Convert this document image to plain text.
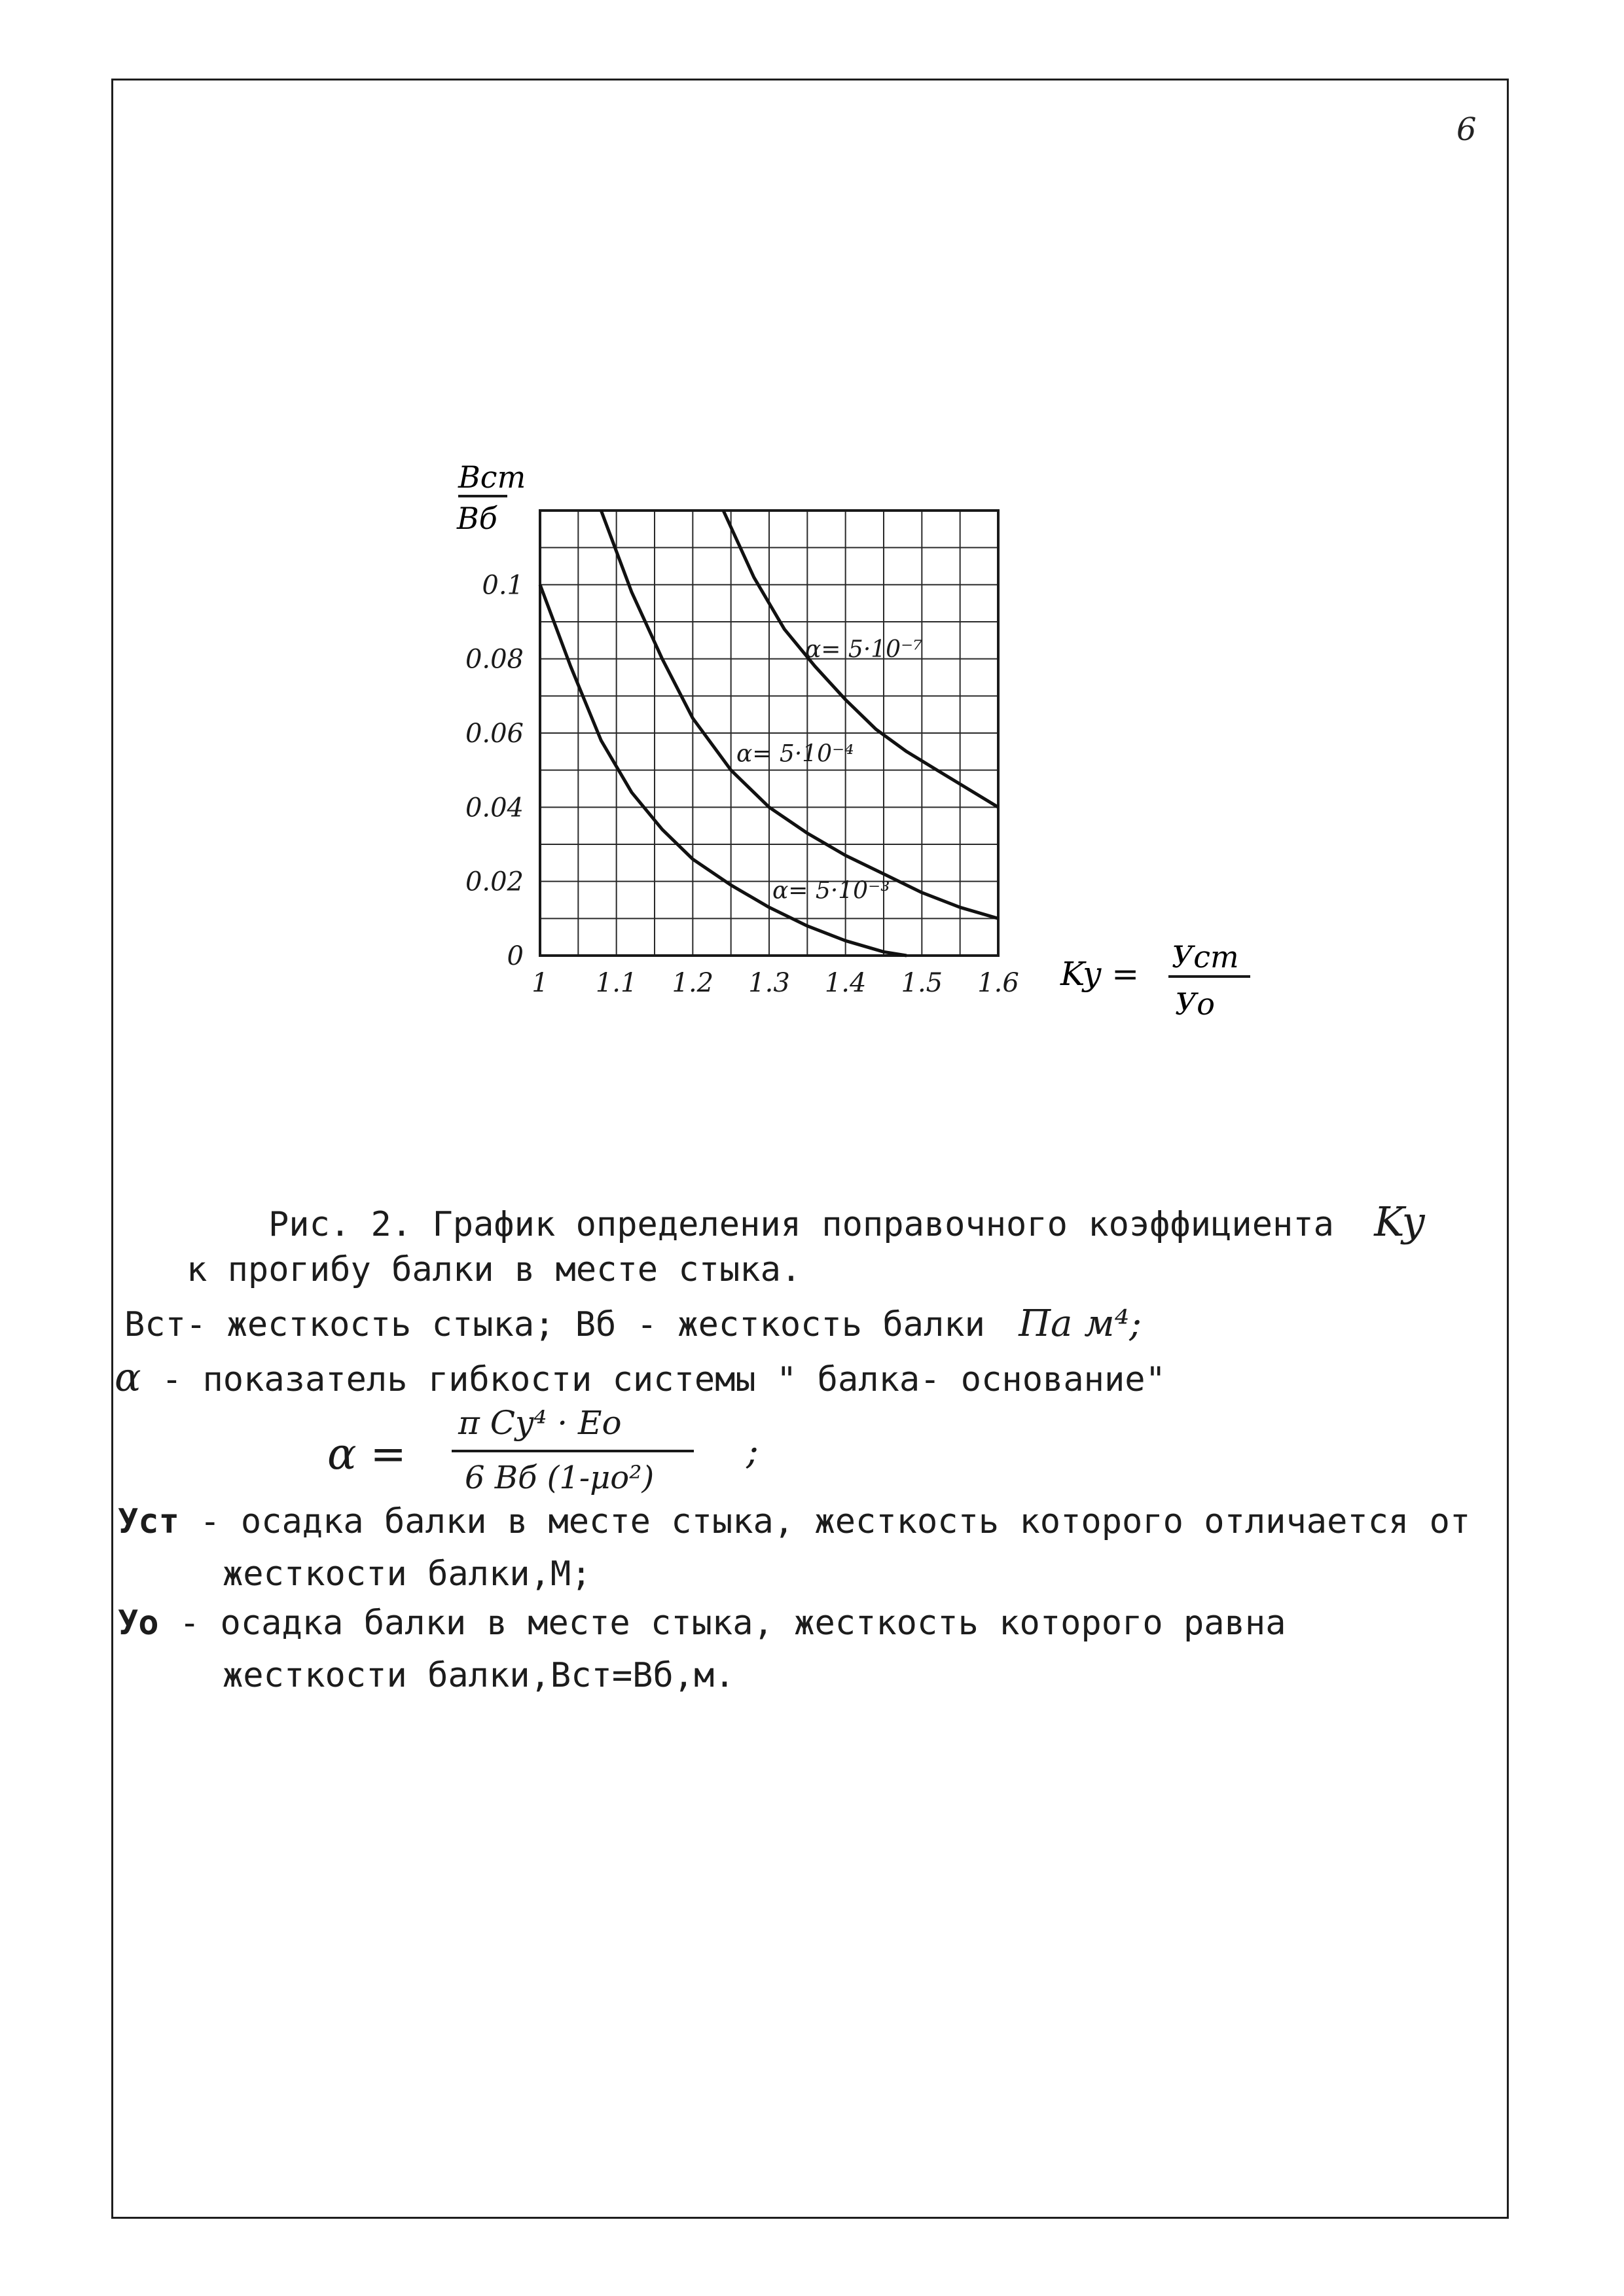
6
α= 5·10⁻³
α= 5·10⁻⁴
α= 5·10⁻⁷
1 1.1 1.2 1.3 1.4 1.5 1.6
0
0.02
0.04
0.06
0.08
0.1
Вст
Вб
Ky = Уст
Уо
Рис. 2. График определения поправочного коэффициента Ky
к прогибу балки в месте стыка.
Вст- жесткость стыка; Вб - жесткость балки Па м⁴;
α - показатель гибкости системы " балка- основание"
α =
π Cy⁴ · Eо
6 Вб (1-μо²)
;
Уст - осадка балки в месте стыка, жесткость которого отличается от
жесткости балки,М;
Уо - осадка балки в месте стыка, жесткость которого равна
жесткости балки,Вст=Вб,м.
